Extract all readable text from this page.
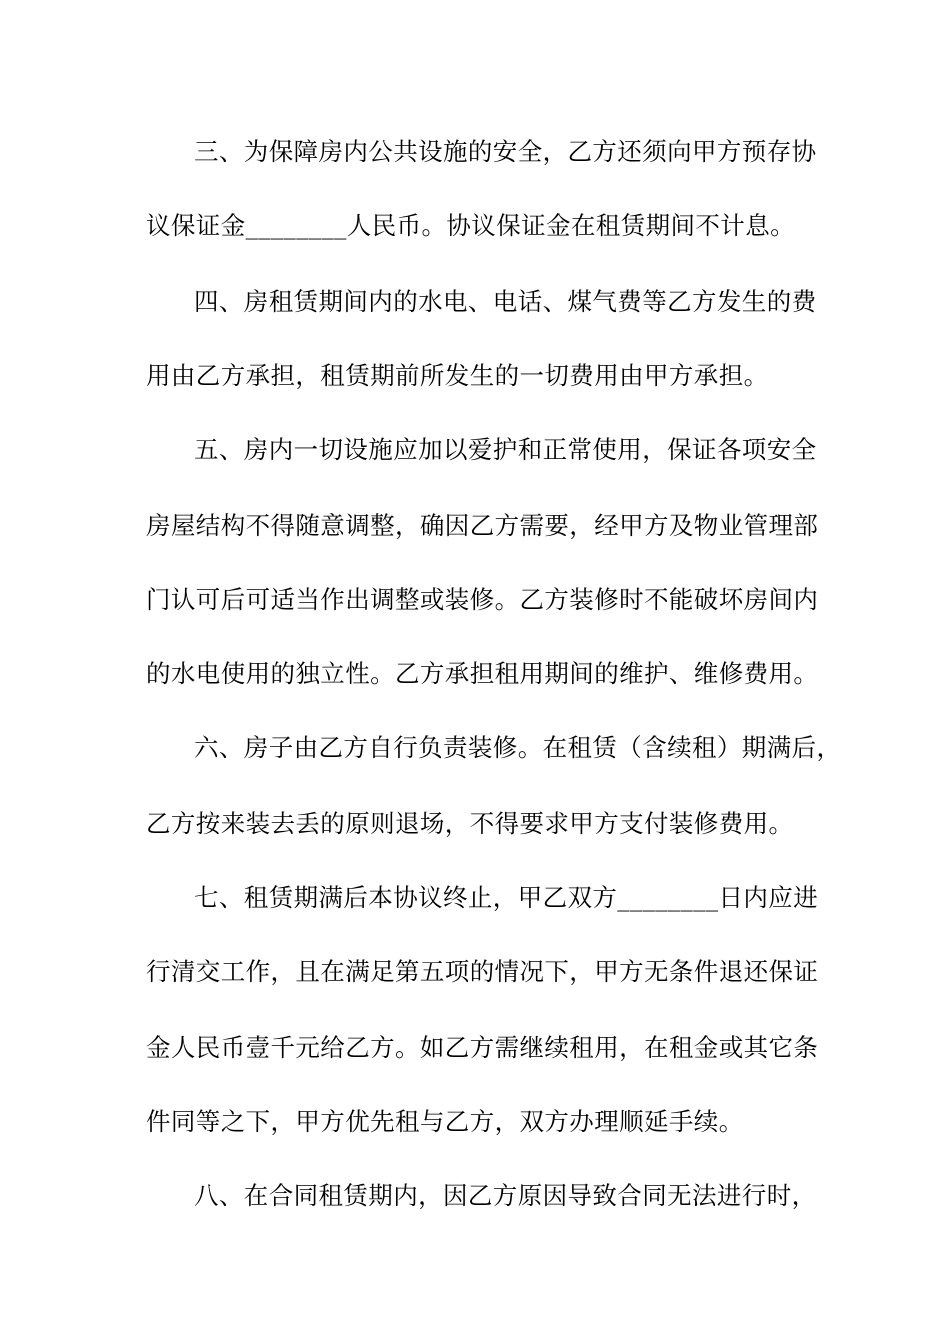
三、为保障房内公共设施的安全，乙方还须向甲方预存协
议保证金________人民币。协议保证金在租赁期间不计息。
四、房租赁期间内的水电、电话、煤气费等乙方发生的费
用由乙方承担，租赁期前所发生的一切费用由甲方承担。
五、房内一切设施应加以爱护和正常使用，保证各项安全
房屋结构不得随意调整，确因乙方需要，经甲方及物业管理部
门认可后可适当作出调整或装修。乙方装修时不能破坏房间内
的水电使用的独立性。乙方承担租用期间的维护、维修费用。
六、房子由乙方自行负责装修。在租赁（含续租）期满后，
乙方按来装去丢的原则退场，不得要求甲方支付装修费用。
七、租赁期满后本协议终止，甲乙双方________日内应进
行清交工作，且在满足第五项的情况下，甲方无条件退还保证
金人民币壹千元给乙方。如乙方需继续租用，在租金或其它条
件同等之下，甲方优先租与乙方，双方办理顺延手续。
八、在合同租赁期内，因乙方原因导致合同无法进行时，
